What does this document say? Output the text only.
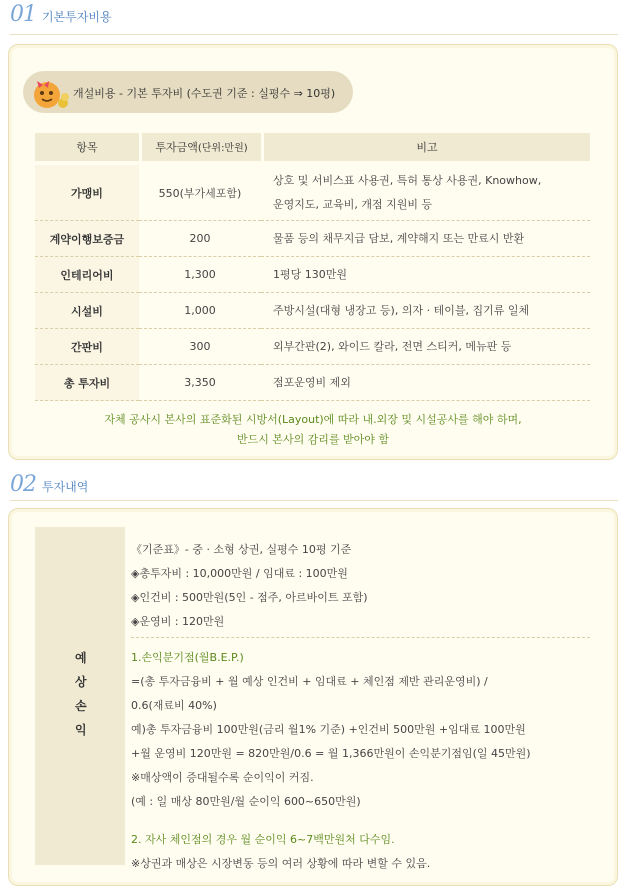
01 기본투자비용
개설비용 - 기본 투자비 (수도권 기준 : 실평수 ⇒ 10평)
항목	투자금액(단위:만원)	비고
가맹비	550(부가세포함)	상호 및 서비스표 사용권, 특허 통상 사용권, Knowhow,
운영지도, 교육비, 개점 지원비 등

계약이행보증금	200	물품 등의 채무지급 담보, 계약해지 또는 만료시 반환
인테리어비	1,300	1평당 130만원
시설비	1,000	주방시설(대형 냉장고 등), 의자 · 테이블, 집기류 일체
간판비	300	외부간판(2), 와이드 칼라, 전면 스티커, 메뉴판 등
총 투자비	3,350	점포운영비 제외
자체 공사시 본사의 표준화된 시방서(Layout)에 따라 내.외장 및 시설공사를 해야 하며,
반드시 본사의 감리를 받아야 함
02 투자내역
예
상
손
익
《기준표》- 중 · 소형 상권, 실평수 10평 기준
◈총투자비 : 10,000만원 / 임대료 : 100만원
◈인건비 : 500만원(5인 - 점주, 아르바이트 포함)
◈운영비 : 120만원
1.손익분기점(월B.E.P.)
=(총 투자금융비 + 월 예상 인건비 + 임대료 + 체인점 제반 관리운영비) /
0.6(재료비 40%)
예)총 투자금융비 100만원(금리 월1% 기준) +인건비 500만원 +임대료 100만원
+월 운영비 120만원 = 820만원/0.6 = 월 1,366만원이 손익분기점임(일 45만원)
※매상액이 증대될수록 순이익이 커짐.
(예 : 일 매상 80만원/월 순이익 600~650만원)
2. 자사 체인점의 경우 월 순이익 6~7백만원처 다수임.
※상권과 매상은 시장변동 등의 여러 상황에 따라 변할 수 있음.
